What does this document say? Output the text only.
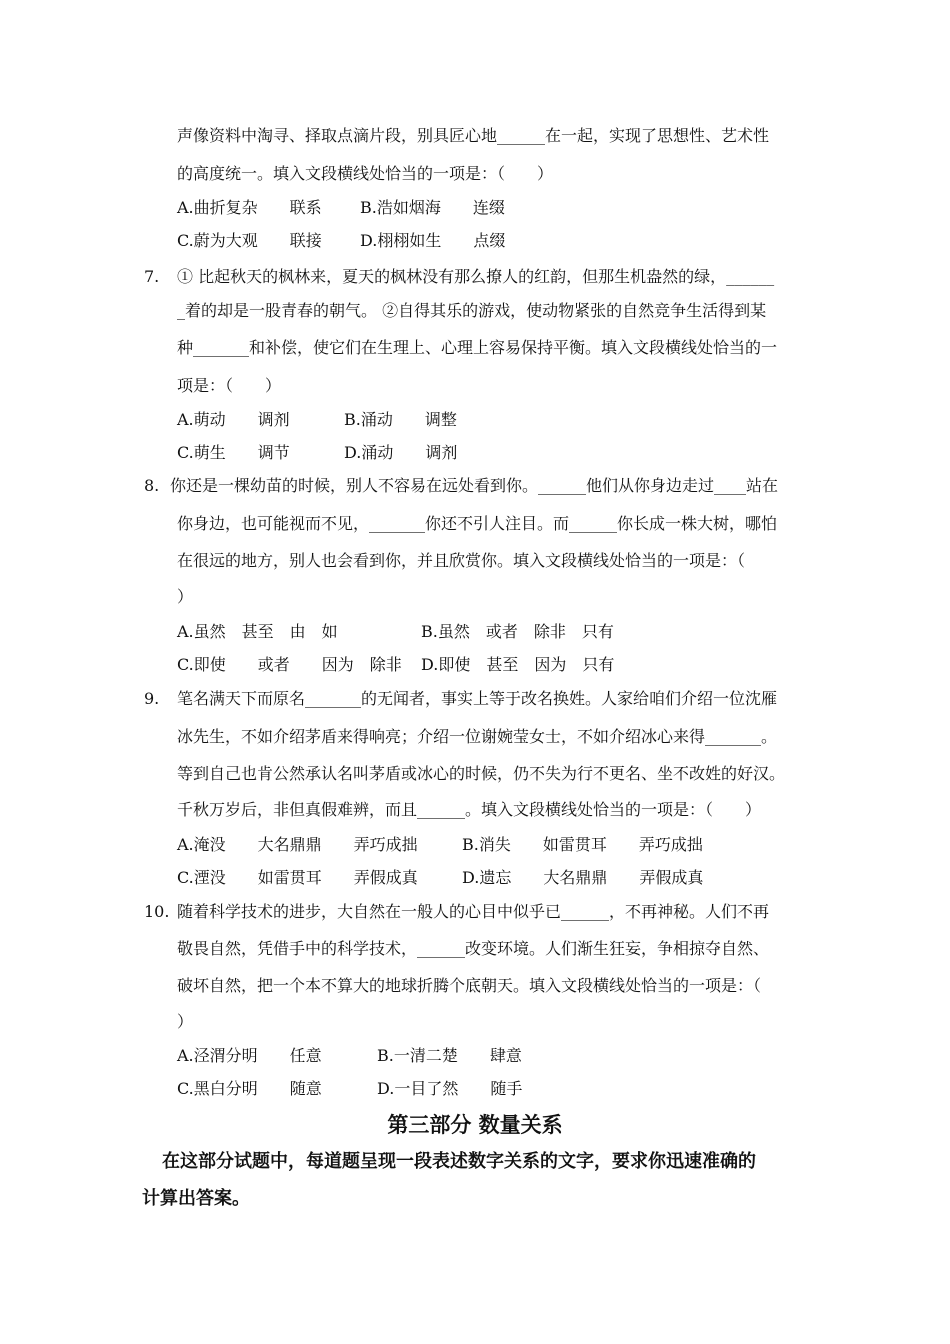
声像资料中淘寻、择取点滴片段，别具匠心地______在一起，实现了思想性、艺术性
的高度统一。填入文段横线处恰当的一项是：（　　）
A.曲折复杂　　联系 B.浩如烟海　　连缀
C.蔚为大观　　联接 D.栩栩如生　　点缀
7. ① 比起秋天的枫林来，夏天的枫林没有那么撩人的红韵，但那生机盎然的绿，______
_着的却是一股青春的朝气。 ②自得其乐的游戏，使动物紧张的自然竞争生活得到某
种_______和补偿，使它们在生理上、心理上容易保持平衡。填入文段横线处恰当的一
项是：（　　）
A.萌动　　调剂	B.涌动　　调整
C.萌生　　调节	D.涌动　　调剂
8. 你还是一棵幼苗的时候，别人不容易在远处看到你。______他们从你身边走过____站在
你身边，也可能视而不见，_______你还不引人注目。而______你长成一株大树，哪怕
在很远的地方，别人也会看到你，并且欣赏你。填入文段横线处恰当的一项是：（
）
A.虽然　甚至　由　如	B.虽然　或者　除非　只有
C.即使　　或者　　因为　除非 D.即使　甚至　因为　只有
9. 笔名满天下而原名_______的无闻者，事实上等于改名换姓。人家给咱们介绍一位沈雁
冰先生，不如介绍茅盾来得响亮；介绍一位谢婉莹女士，不如介绍冰心来得_______。
等到自己也肯公然承认名叫茅盾或冰心的时候，仍不失为行不更名、坐不改姓的好汉。
千秋万岁后，非但真假难辨，而且______。填入文段横线处恰当的一项是：（　　）
A.淹没　　大名鼎鼎　　弄巧成拙	B.消失　　如雷贯耳　　弄巧成拙
C.湮没　　如雷贯耳　　弄假成真	D.遗忘　　大名鼎鼎　　弄假成真
10. 随着科学技术的进步，大自然在一般人的心目中似乎已______，不再神秘。人们不再
敬畏自然，凭借手中的科学技术，______改变环境。人们渐生狂妄，争相掠夺自然、
破坏自然，把一个本不算大的地球折腾个底朝天。填入文段横线处恰当的一项是：（
）
A.泾渭分明　　任意	B.一清二楚　　肆意
C.黑白分明　　随意	D.一目了然　　随手
第三部分 数量关系
在这部分试题中，每道题呈现一段表述数字关系的文字，要求你迅速准确的
计算出答案。
